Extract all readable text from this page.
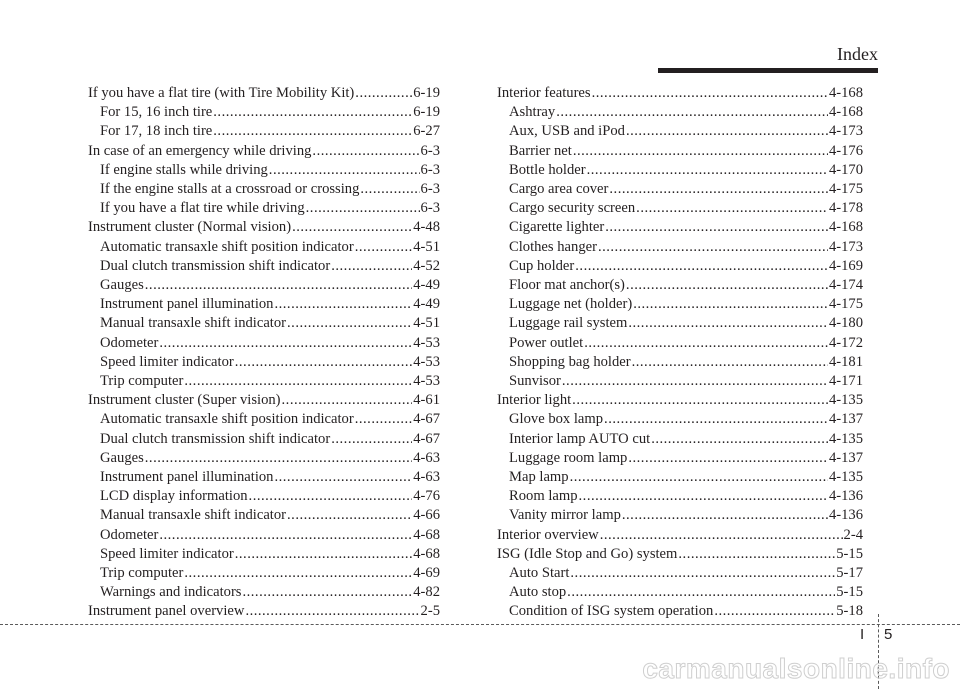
Index
If you have a flat tire (with Tire Mobility Kit) .....	6-19
For 15, 16 inch tire .....	6-19
For 17, 18 inch tire .....	6-27
In case of an emergency while driving .....	6-3
If engine stalls while driving .....	6-3
If the engine stalls at a crossroad or crossing .....	6-3
If you have a flat tire while driving .....	6-3
Instrument cluster (Normal vision) .....	4-48
Automatic transaxle shift position indicator .....	4-51
Dual clutch transmission shift indicator .....	4-52
Gauges .....	4-49
Instrument panel illumination .....	4-49
Manual transaxle shift indicator .....	4-51
Odometer .....	4-53
Speed limiter indicator .....	4-53
Trip computer .....	4-53
Instrument cluster (Super vision) .....	4-61
Automatic transaxle shift position indicator .....	4-67
Dual clutch transmission shift indicator .....	4-67
Gauges .....	4-63
Instrument panel illumination .....	4-63
LCD display information .....	4-76
Manual transaxle shift indicator .....	4-66
Odometer .....	4-68
Speed limiter indicator .....	4-68
Trip computer .....	4-69
Warnings and indicators .....	4-82
Instrument panel overview .....	2-5
Interior features .....	4-168
Ashtray .....	4-168
Aux, USB and iPod .....	4-173
Barrier net .....	4-176
Bottle holder .....	4-170
Cargo area cover .....	4-175
Cargo security screen .....	4-178
Cigarette lighter .....	4-168
Clothes hanger .....	4-173
Cup holder .....	4-169
Floor mat anchor(s) .....	4-174
Luggage net (holder) .....	4-175
Luggage rail system .....	4-180
Power outlet .....	4-172
Shopping bag holder .....	4-181
Sunvisor .....	4-171
Interior light .....	4-135
Glove box lamp .....	4-137
Interior lamp AUTO cut .....	4-135
Luggage room lamp .....	4-137
Map lamp .....	4-135
Room lamp .....	4-136
Vanity mirror lamp .....	4-136
Interior overview .....	2-4
ISG (Idle Stop and Go) system .....	5-15
Auto Start .....	5-17
Auto stop .....	5-15
Condition of ISG system operation .....	5-18
I 5
carmanualsonline.info
